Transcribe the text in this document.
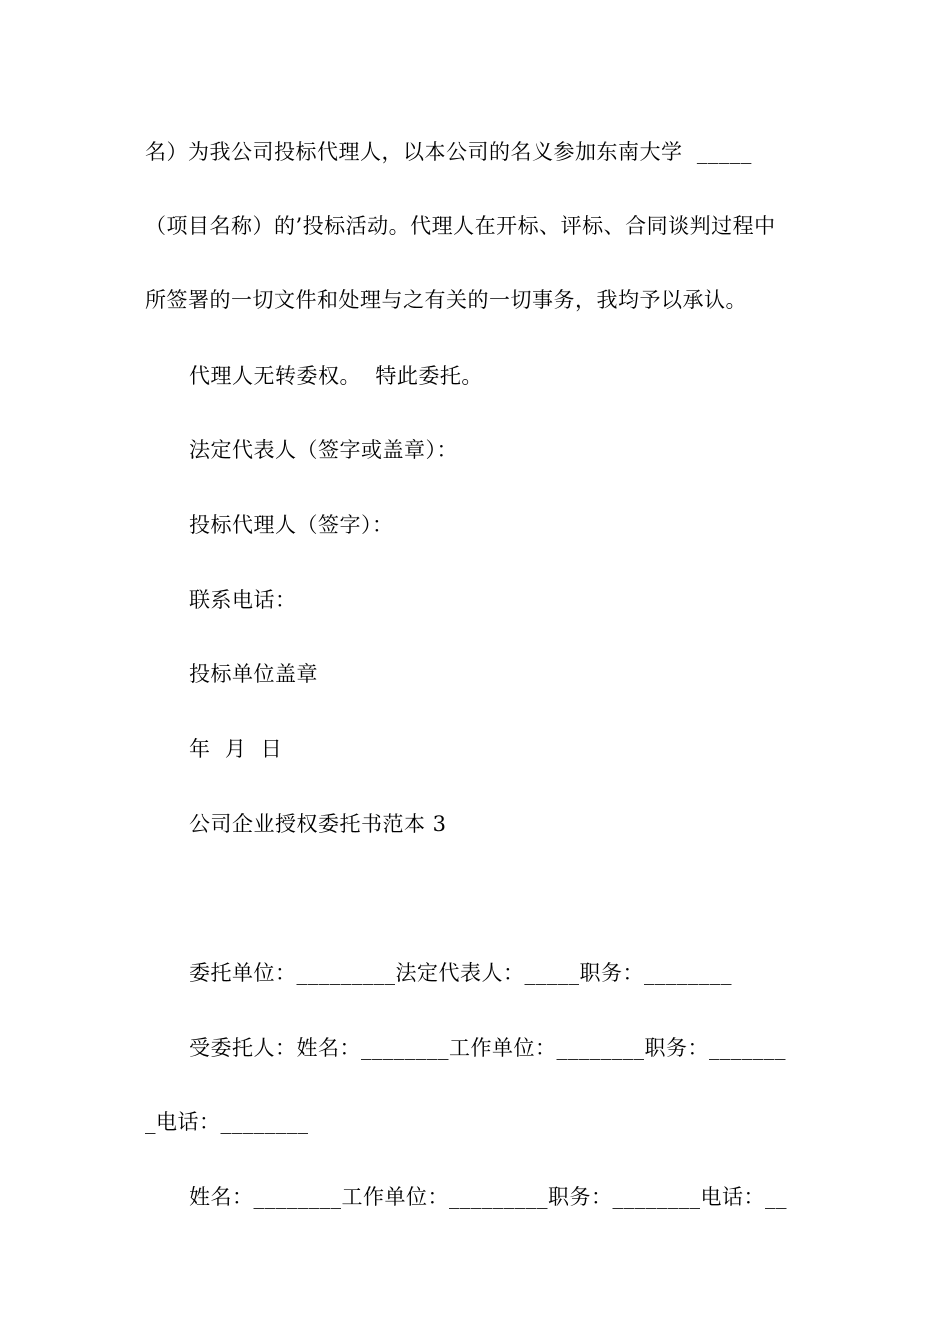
名）为我公司投标代理人，以本公司的名义参加东南大学  _____
（项目名称）的’投标活动。代理人在开标、评标、合同谈判过程中
所签署的一切文件和处理与之有关的一切事务，我均予以承认。
代理人无转委权。  特此委托。
法定代表人（签字或盖章）：
投标代理人（签字）：
联系电话：
投标单位盖章
年  月  日
公司企业授权委托书范本 3
委托单位：_________法定代表人：_____职务：________
受委托人：姓名：________工作单位：________职务：_______
_电话：________
姓名：________工作单位：_________职务：________电话：__
